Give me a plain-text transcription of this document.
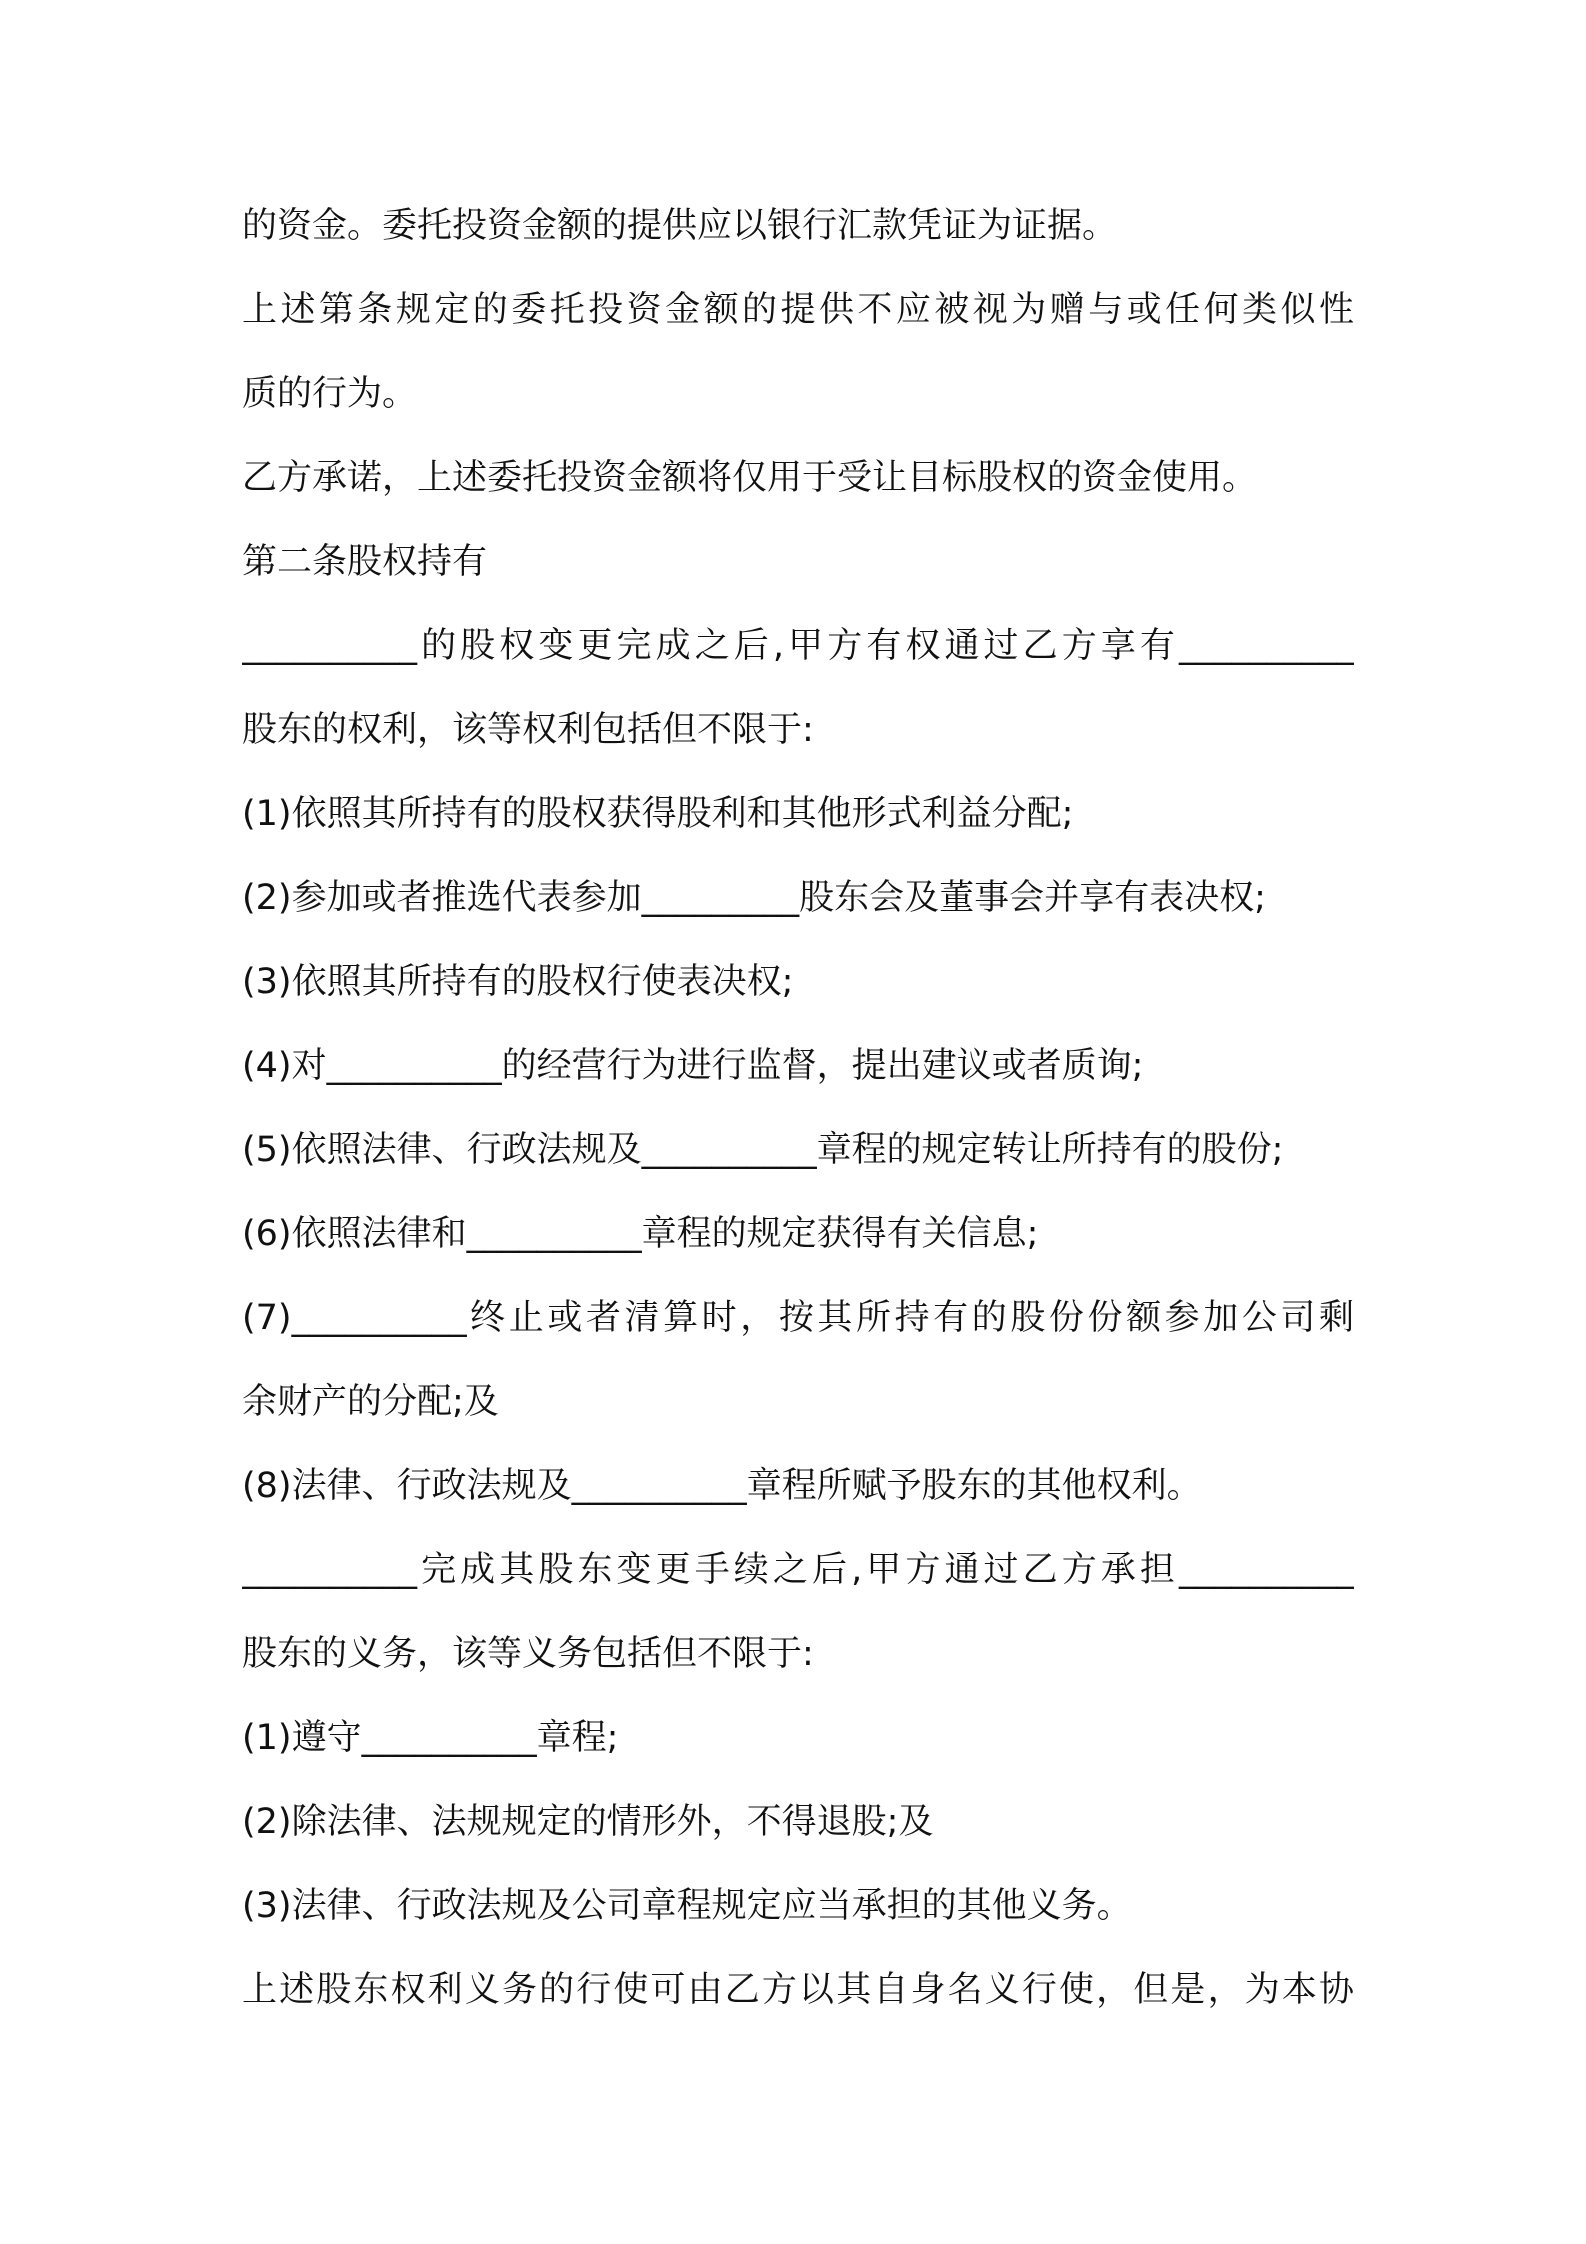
的资金。委托投资金额的提供应以银行汇款凭证为证据。
上述第条规定的委托投资金额的提供不应被视为赠与或任何类似性
质的行为。
乙方承诺，上述委托投资金额将仅用于受让目标股权的资金使用。
第二条股权持有
__________的股权变更完成之后,甲方有权通过乙方享有__________
股东的权利，该等权利包括但不限于:
(1)依照其所持有的股权获得股利和其他形式利益分配;
(2)参加或者推选代表参加_________股东会及董事会并享有表决权;
(3)依照其所持有的股权行使表决权;
(4)对__________的经营行为进行监督，提出建议或者质询;
(5)依照法律、行政法规及__________章程的规定转让所持有的股份;
(6)依照法律和__________章程的规定获得有关信息;
(7)__________终止或者清算时，按其所持有的股份份额参加公司剩
余财产的分配;及
(8)法律、行政法规及__________章程所赋予股东的其他权利。
__________完成其股东变更手续之后,甲方通过乙方承担__________
股东的义务，该等义务包括但不限于:
(1)遵守__________章程;
(2)除法律、法规规定的情形外，不得退股;及
(3)法律、行政法规及公司章程规定应当承担的其他义务。
上述股东权利义务的行使可由乙方以其自身名义行使，但是，为本协
